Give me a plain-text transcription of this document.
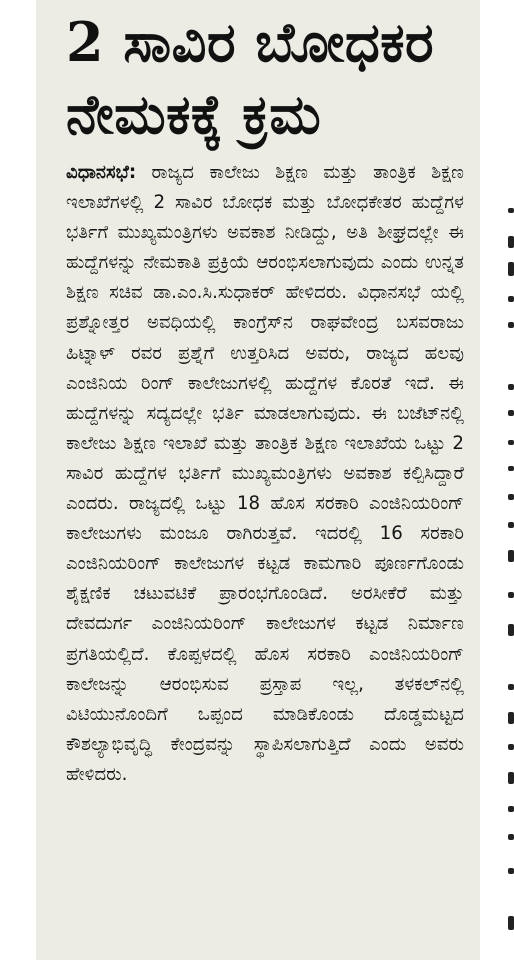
2 ಸಾವಿರ ಬೋಧಕರ
ನೇಮಕಕ್ಕೆ ಕ್ರಮ

ವಿಧಾನಸಭೆ: ರಾಜ್ಯದ ಕಾಲೇಜು ಶಿಕ್ಷಣ ಮತ್ತು ತಾಂತ್ರಿಕ ಶಿಕ್ಷಣ ಇಲಾಖೆಗಳಲ್ಲಿ 2 ಸಾವಿರ ಬೋಧಕ ಮತ್ತು ಬೋಧಕೇತರ ಹುದ್ದೆಗಳ ಭರ್ತಿಗೆ ಮುಖ್ಯಮಂತ್ರಿಗಳು ಅವಕಾಶ ನೀಡಿದ್ದು, ಅತಿ ಶೀಘ್ರದಲ್ಲೇ ಈ ಹುದ್ದೆಗಳನ್ನು ನೇಮಕಾತಿ ಪ್ರಕ್ರಿಯೆ ಆರಂಭಿಸಲಾಗುವುದು ಎಂದು ಉನ್ನತ ಶಿಕ್ಷಣ ಸಚಿವ ಡಾ.ಎಂ.ಸಿ.ಸುಧಾಕರ್ ಹೇಳಿದರು. ವಿಧಾನಸಭೆ ಯಲ್ಲಿ ಪ್ರಶ್ನೋತ್ತರ ಅವಧಿಯಲ್ಲಿ ಕಾಂಗ್ರೆಸ್‌ನ ರಾಘವೇಂದ್ರ ಬಸವರಾಜು ಹಿಟ್ನಾಳ್ ರವರ ಪ್ರಶ್ನೆಗೆ ಉತ್ತರಿಸಿದ ಅವರು, ರಾಜ್ಯದ ಹಲವು ಎಂಜಿನಿಯ ರಿಂಗ್ ಕಾಲೇಜುಗಳಲ್ಲಿ ಹುದ್ದೆಗಳ ಕೊರತೆ ಇದೆ. ಈ ಹುದ್ದೆಗಳನ್ನು ಸದ್ಯದಲ್ಲೇ ಭರ್ತಿ ಮಾಡಲಾಗುವುದು. ಈ ಬಜೆಟ್‌ನಲ್ಲಿ ಕಾಲೇಜು ಶಿಕ್ಷಣ ಇಲಾಖೆ ಮತ್ತು ತಾಂತ್ರಿಕ ಶಿಕ್ಷಣ ಇಲಾಖೆಯ ಒಟ್ಟು 2 ಸಾವಿರ ಹುದ್ದೆಗಳ ಭರ್ತಿಗೆ ಮುಖ್ಯಮಂತ್ರಿಗಳು ಅವಕಾಶ ಕಲ್ಪಿಸಿದ್ದಾರೆ ಎಂದರು. ರಾಜ್ಯದಲ್ಲಿ ಒಟ್ಟು 18 ಹೊಸ ಸರಕಾರಿ ಎಂಜಿನಿಯರಿಂಗ್ ಕಾಲೇಜುಗಳು ಮಂಜೂ ರಾಗಿರುತ್ತವೆ. ಇದರಲ್ಲಿ 16 ಸರಕಾರಿ ಎಂಜಿನಿಯರಿಂಗ್ ಕಾಲೇಜುಗಳ ಕಟ್ಟಡ ಕಾಮಗಾರಿ ಪೂರ್ಣಗೊಂಡು ಶೈಕ್ಷಣಿಕ ಚಟುವಟಿಕೆ ಪ್ರಾರಂಭಗೊಂಡಿದೆ. ಅರಸೀಕೆರೆ ಮತ್ತು ದೇವದುರ್ಗ ಎಂಜಿನಿಯರಿಂಗ್ ಕಾಲೇಜುಗಳ ಕಟ್ಟಡ ನಿರ್ಮಾಣ ಪ್ರಗತಿಯಲ್ಲಿದೆ. ಕೊಪ್ಪಳದಲ್ಲಿ ಹೊಸ ಸರಕಾರಿ ಎಂಜಿನಿಯರಿಂಗ್ ಕಾಲೇಜನ್ನು ಆರಂಭಿಸುವ ಪ್ರಸ್ತಾಪ ಇಲ್ಲ, ತಳಕಲ್‌ನಲ್ಲಿ ವಿಟಿಯುನೊಂದಿಗೆ ಒಪ್ಪಂದ ಮಾಡಿಕೊಂಡು ದೊಡ್ಡಮಟ್ಟದ ಕೌಶಲ್ಯಾಭಿವೃದ್ಧಿ ಕೇಂದ್ರವನ್ನು ಸ್ಥಾಪಿಸಲಾಗುತ್ತಿದೆ ಎಂದು ಅವರು ಹೇಳಿದರು.
